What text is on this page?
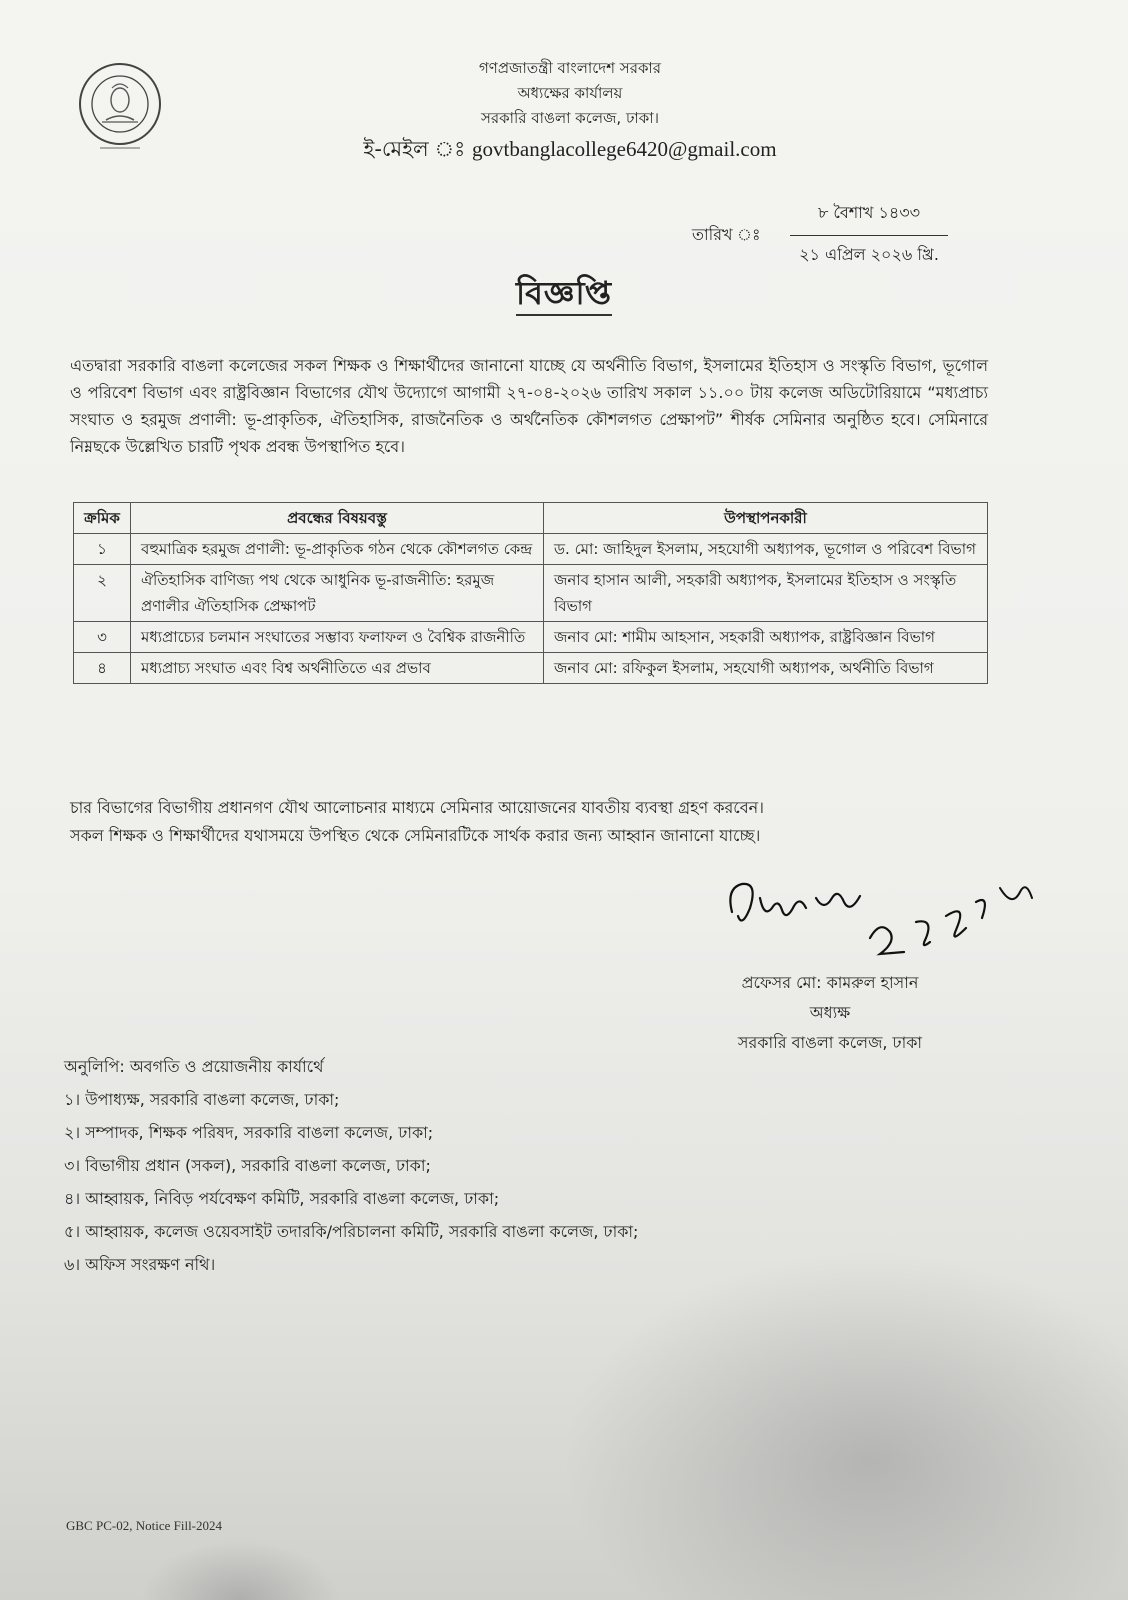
গণপ্রজাতন্ত্রী বাংলাদেশ সরকার
অধ্যক্ষের কার্যালয়
সরকারি বাঙলা কলেজ, ঢাকা।
ই-মেইল ঃ govtbanglacollege6420@gmail.com
তারিখ ঃ
৮ বৈশাখ ১৪৩৩
২১ এপ্রিল ২০২৬ খ্রি.
বিজ্ঞপ্তি
এতদ্বারা সরকারি বাঙলা কলেজের সকল শিক্ষক ও শিক্ষার্থীদের জানানো যাচ্ছে যে অর্থনীতি বিভাগ, ইসলামের ইতিহাস ও সংস্কৃতি বিভাগ, ভূগোল ও পরিবেশ বিভাগ এবং রাষ্ট্রবিজ্ঞান বিভাগের যৌথ উদ্যোগে আগামী ২৭-০৪-২০২৬ তারিখ সকাল ১১.০০ টায় কলেজ অডিটোরিয়ামে “মধ্যপ্রাচ্য সংঘাত ও হরমুজ প্রণালী: ভূ-প্রাকৃতিক, ঐতিহাসিক, রাজনৈতিক ও অর্থনৈতিক কৌশলগত প্রেক্ষাপট” শীর্ষক সেমিনার অনুষ্ঠিত হবে। সেমিনারে নিম্নছকে উল্লেখিত চারটি পৃথক প্রবন্ধ উপস্থাপিত হবে।
ক্রমিক	প্রবন্ধের বিষয়বস্তু	উপস্থাপনকারী
১	বহুমাত্রিক হরমুজ প্রণালী: ভূ-প্রাকৃতিক গঠন থেকে কৌশলগত কেন্দ্র	ড. মো: জাহিদুল ইসলাম, সহযোগী অধ্যাপক, ভূগোল ও পরিবেশ বিভাগ
২	ঐতিহাসিক বাণিজ্য পথ থেকে আধুনিক ভূ-রাজনীতি: হরমুজ প্রণালীর ঐতিহাসিক প্রেক্ষাপট	জনাব হাসান আলী, সহকারী অধ্যাপক, ইসলামের ইতিহাস ও সংস্কৃতি বিভাগ
৩	মধ্যপ্রাচ্যের চলমান সংঘাতের সম্ভাব্য ফলাফল ও বৈশ্বিক রাজনীতি	জনাব মো: শামীম আহসান, সহকারী অধ্যাপক, রাষ্ট্রবিজ্ঞান বিভাগ
৪	মধ্যপ্রাচ্য সংঘাত এবং বিশ্ব অর্থনীতিতে এর প্রভাব	জনাব মো: রফিকুল ইসলাম, সহযোগী অধ্যাপক, অর্থনীতি বিভাগ
চার বিভাগের বিভাগীয় প্রধানগণ যৌথ আলোচনার মাধ্যমে সেমিনার আয়োজনের যাবতীয় ব্যবস্থা গ্রহণ করবেন।
সকল শিক্ষক ও শিক্ষার্থীদের যথাসময়ে উপস্থিত থেকে সেমিনারটিকে সার্থক করার জন্য আহ্বান জানানো যাচ্ছে।
প্রফেসর মো: কামরুল হাসান
অধ্যক্ষ
সরকারি বাঙলা কলেজ, ঢাকা
অনুলিপি: অবগতি ও প্রয়োজনীয় কার্যার্থে
১। উপাধ্যক্ষ, সরকারি বাঙলা কলেজ, ঢাকা;
২। সম্পাদক, শিক্ষক পরিষদ, সরকারি বাঙলা কলেজ, ঢাকা;
৩। বিভাগীয় প্রধান (সকল), সরকারি বাঙলা কলেজ, ঢাকা;
৪। আহ্বায়ক, নিবিড় পর্যবেক্ষণ কমিটি, সরকারি বাঙলা কলেজ, ঢাকা;
৫। আহ্বায়ক, কলেজ ওয়েবসাইট তদারকি/পরিচালনা কমিটি, সরকারি বাঙলা কলেজ, ঢাকা;
৬। অফিস সংরক্ষণ নথি।
GBC PC-02, Notice Fill-2024
